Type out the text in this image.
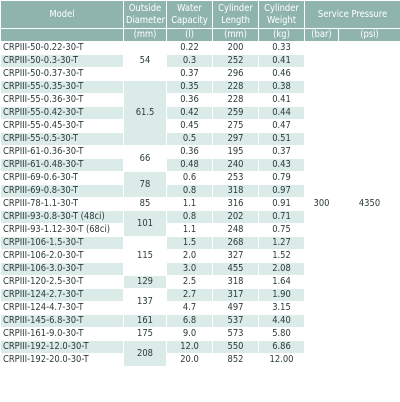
Model	Outside Diameter	Water Capacity	Cylinder Length	Cylinder Weight	Service Pressure	
	(mm)	(l)	(mm)	(kg)	(bar)	(psi)
CRPIII-50-0.22-30-T	54	0.22	200	0.33	300	4350
CRPIII-50-0.3-30-T		0.3	252	0.41		
CRPIII-50-0.37-30-T		0.37	296	0.46		
CRPIII-55-0.35-30-T	61.5	0.35	228	0.38		
CRPIII-55-0.36-30-T		0.36	228	0.41		
CRPIII-55-0.42-30-T		0.42	259	0.44		
CRPIII-55-0.45-30-T		0.45	275	0.47		
CRPIII-55-0.5-30-T		0.5	297	0.51		
CRPIII-61-0.36-30-T	66	0.36	195	0.37		
CRPIII-61-0.48-30-T		0.48	240	0.43		
CRPIII-69-0.6-30-T	78	0.6	253	0.79		
CRPIII-69-0.8-30-T		0.8	318	0.97		
CRPIII-78-1.1-30-T	85	1.1	316	0.91		
CRPIII-93-0.8-30-T (48ci)	101	0.8	202	0.71		
CRPIII-93-1.12-30-T (68ci)		1.1	248	0.75		
CRPIII-106-1.5-30-T	115	1.5	268	1.27		
CRPIII-106-2.0-30-T		2.0	327	1.52		
CRPIII-106-3.0-30-T		3.0	455	2.08		
CRPIII-120-2.5-30-T	129	2.5	318	1.64		
CRPIII-124-2.7-30-T	137	2.7	317	1.90		
CRPIII-124-4.7-30-T		4.7	497	3.15		
CRPIII-145-6.8-30-T	161	6.8	537	4.40		
CRPIII-161-9.0-30-T	175	9.0	573	5.80		
CRPIII-192-12.0-30-T	208	12.0	550	6.86		
CRPIII-192-20.0-30-T		20.0	852	12.00		
